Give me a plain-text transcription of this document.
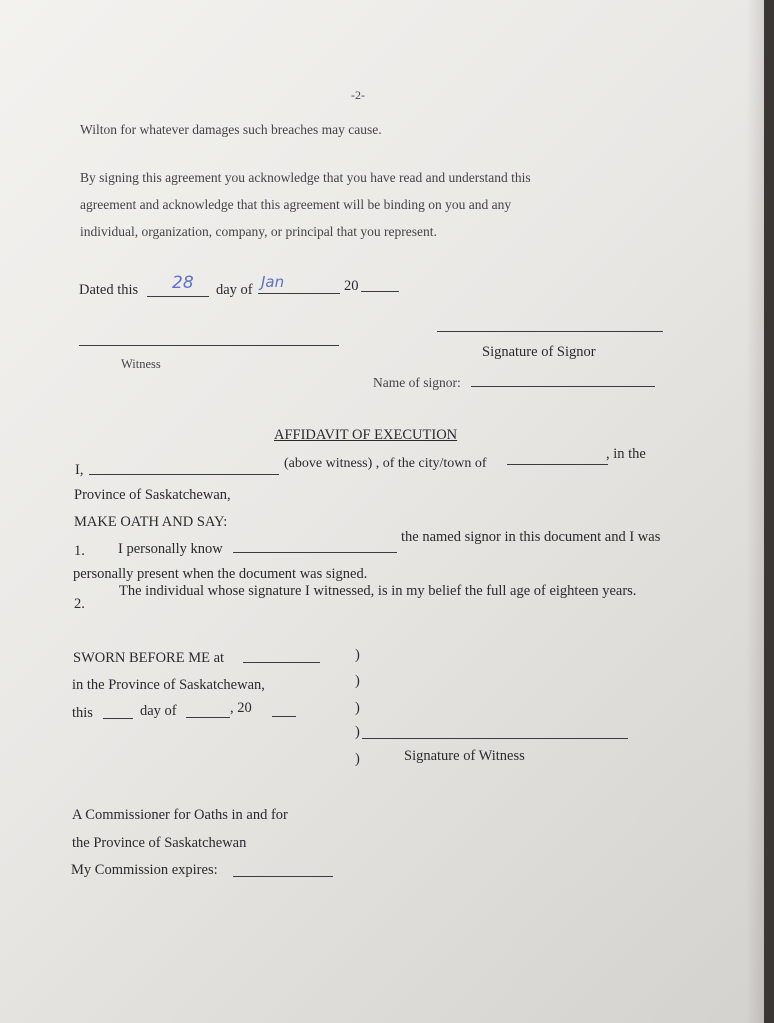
-2-
Wilton for whatever damages such breaches may cause.
By signing this agreement you acknowledge that you have read and understand this
agreement and acknowledge that this agreement will be binding on you and any
individual, organization, company, or principal that you represent.
Dated this 28 day of Jan	20
Witness
Signature of Signor
Name of signor:
AFFIDAVIT OF EXECUTION
I,	(above witness) , of the city/town of
, in the
Province of Saskatchewan,
MAKE OATH AND SAY:
1. I personally know
the named signor in this document and I was
personally present when the document was signed.
2.
The individual whose signature I witnessed, is in my belief the full age of eighteen years.
SWORN BEFORE ME at
in the Province of Saskatchewan,
this	day of	, 20
)
)
)
)
)	Signature of Witness
A Commissioner for Oaths in and for
the Province of Saskatchewan
My Commission expires:
